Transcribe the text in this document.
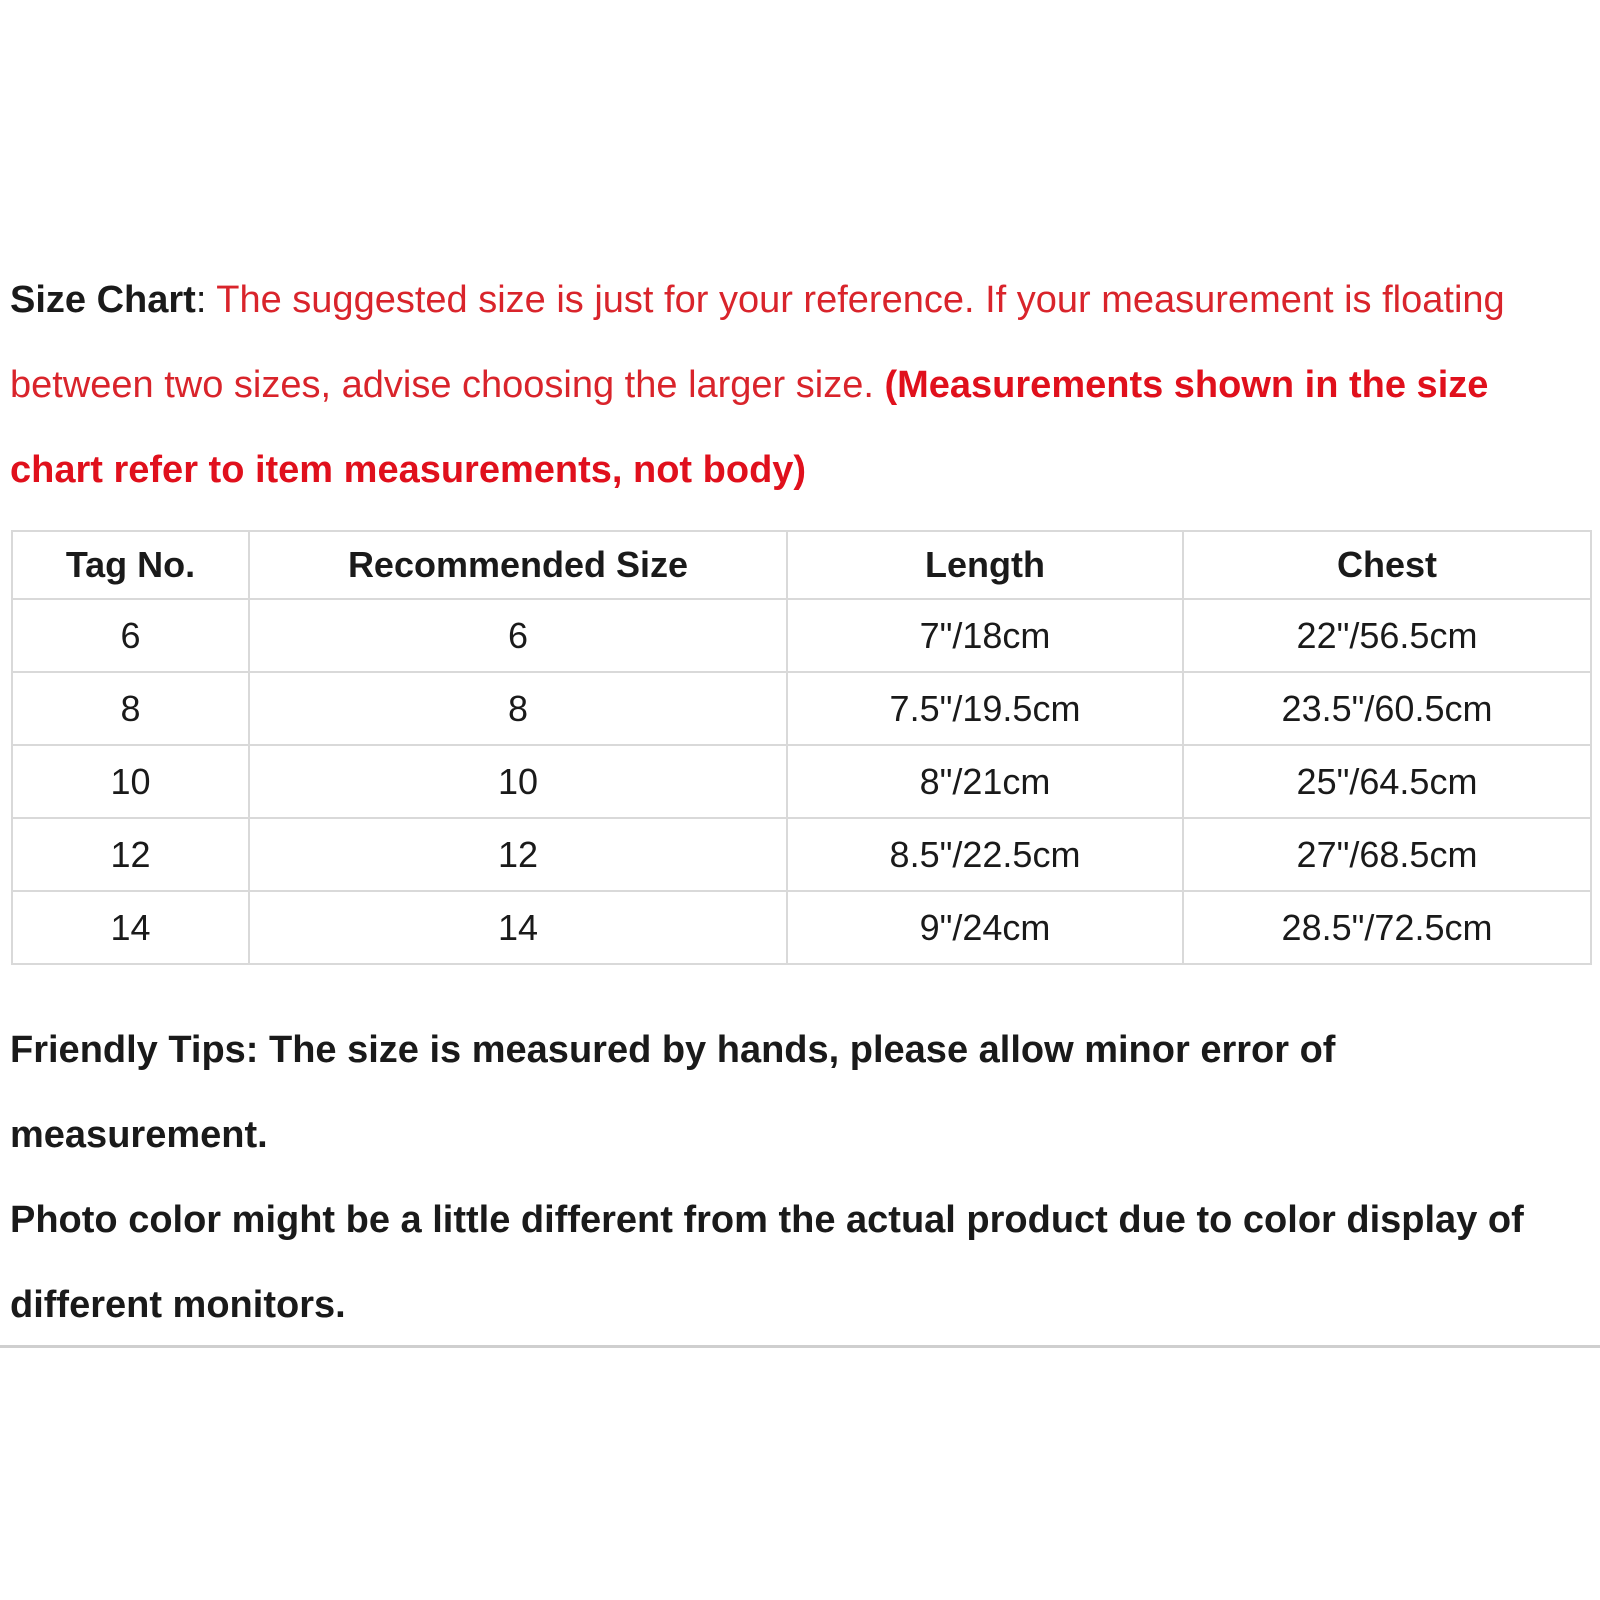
Size Chart: The suggested size is just for your reference. If your measurement is floating between two sizes, advise choosing the larger size. (Measurements shown in the size chart refer to item measurements, not body)

Tag No.	Recommended Size	Length	Chest
6	6	7"/18cm	22"/56.5cm
8	8	7.5"/19.5cm	23.5"/60.5cm
10	10	8"/21cm	25"/64.5cm
12	12	8.5"/22.5cm	27"/68.5cm
14	14	9"/24cm	28.5"/72.5cm

Friendly Tips: The size is measured by hands, please allow minor error of measurement.

Photo color might be a little different from the actual product due to color display of different monitors.
